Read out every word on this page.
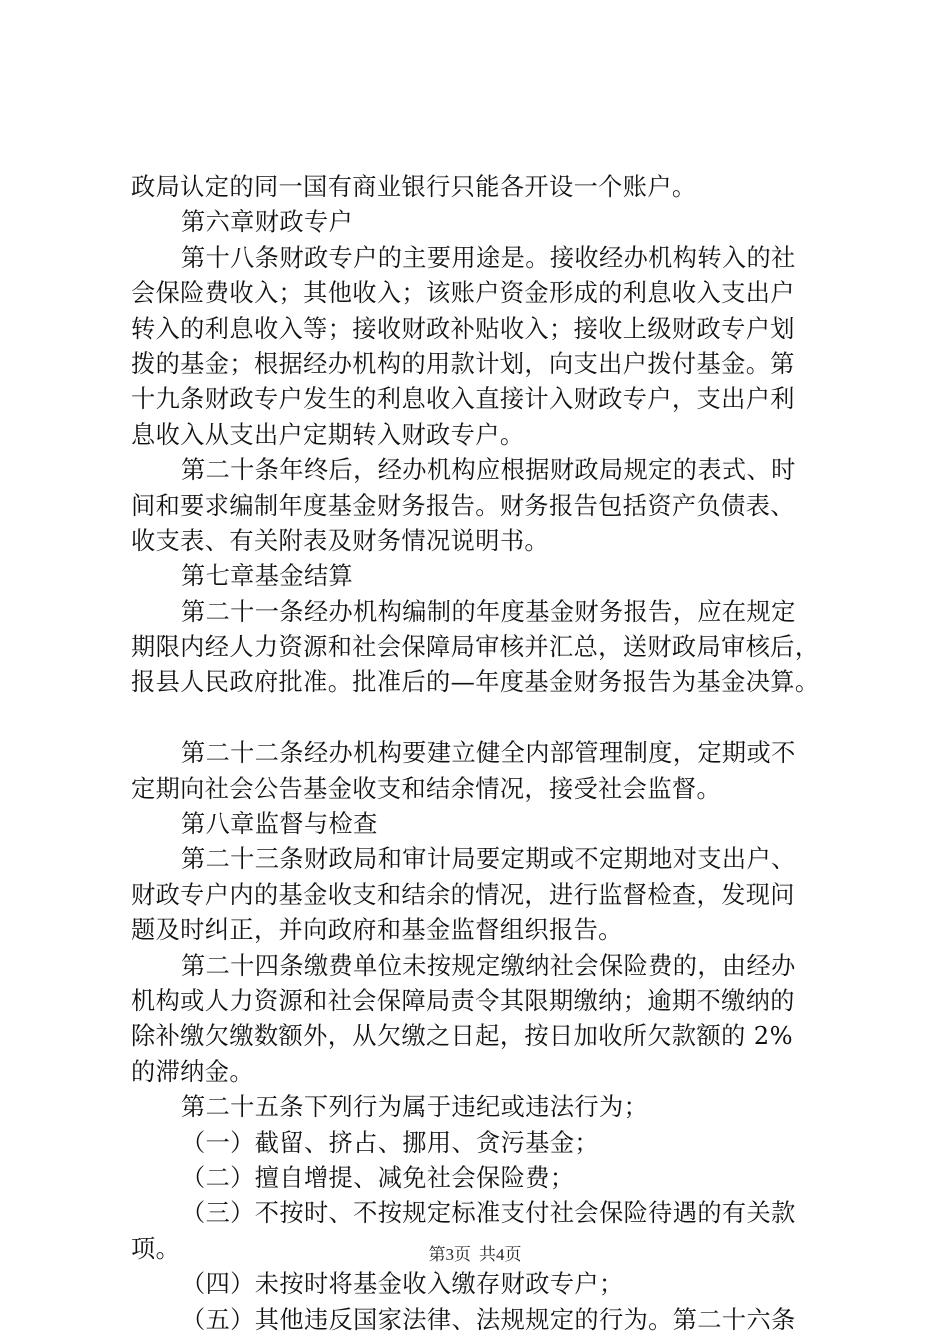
政局认定的同一国有商业银行只能各开设一个账户。
第六章财政专户
第十八条财政专户的主要用途是。接收经办机构转入的社
会保险费收入；其他收入；该账户资金形成的利息收入支出户
转入的利息收入等；接收财政补贴收入；接收上级财政专户划
拨的基金；根据经办机构的用款计划，向支出户拨付基金。第
十九条财政专户发生的利息收入直接计入财政专户，支出户利
息收入从支出户定期转入财政专户。
第二十条年终后，经办机构应根据财政局规定的表式、时
间和要求编制年度基金财务报告。财务报告包括资产负债表、
收支表、有关附表及财务情况说明书。
第七章基金结算
第二十一条经办机构编制的年度基金财务报告，应在规定
期限内经人力资源和社会保障局审核并汇总，送财政局审核后，
报县人民政府批准。批准后的—年度基金财务报告为基金决算。
第二十二条经办机构要建立健全内部管理制度，定期或不
定期向社会公告基金收支和结余情况，接受社会监督。
第八章监督与检查
第二十三条财政局和审计局要定期或不定期地对支出户、
财政专户内的基金收支和结余的情况，进行监督检查，发现问
题及时纠正，并向政府和基金监督组织报告。
第二十四条缴费单位未按规定缴纳社会保险费的，由经办
机构或人力资源和社会保障局责令其限期缴纳；逾期不缴纳的
除补缴欠缴数额外，从欠缴之日起，按日加收所欠款额的 2%
的滞纳金。
第二十五条下列行为属于违纪或违法行为；
（一）截留、挤占、挪用、贪污基金；
（二）擅自增提、减免社会保险费；
（三）不按时、不按规定标准支付社会保险待遇的有关款
项。
（四）未按时将基金收入缴存财政专户；
（五）其他违反国家法律、法规规定的行为。第二十六条
第3页 共4页
